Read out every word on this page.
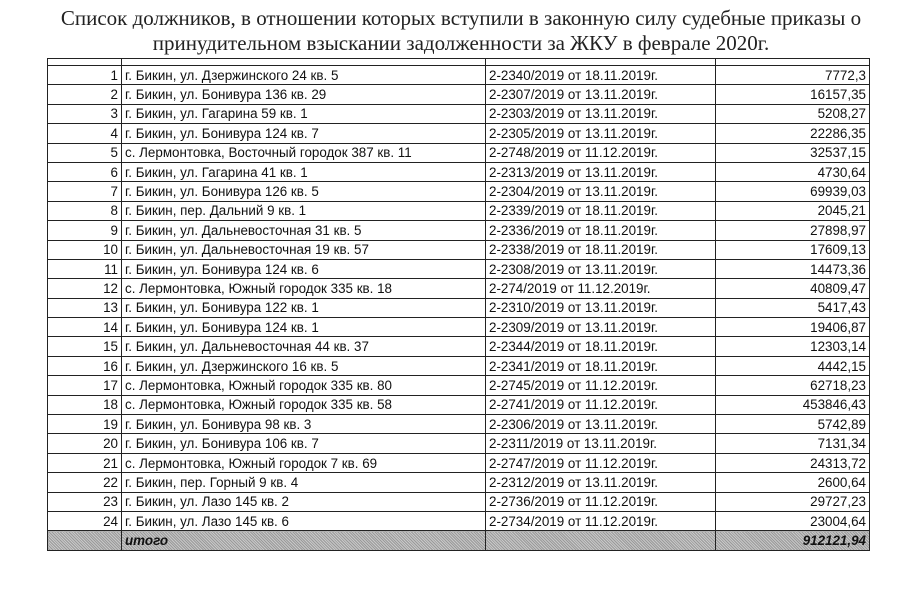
Список должников, в отношении которых вступили в законную силу судебные приказы о
принудительном взыскании задолженности за ЖКУ в феврале 2020г.

1	г. Бикин, ул. Дзержинского 24 кв. 5	2-2340/2019 от 18.11.2019г.	7772,3
2	г. Бикин, ул. Бонивура 136 кв. 29	2-2307/2019 от 13.11.2019г.	16157,35
3	г. Бикин, ул. Гагарина 59 кв. 1	2-2303/2019 от 13.11.2019г.	5208,27
4	г. Бикин, ул. Бонивура 124 кв. 7	2-2305/2019 от 13.11.2019г.	22286,35
5	с. Лермонтовка, Восточный городок 387 кв. 11	2-2748/2019 от 11.12.2019г.	32537,15
6	г. Бикин, ул. Гагарина 41 кв. 1	2-2313/2019 от 13.11.2019г.	4730,64
7	г. Бикин, ул. Бонивура 126 кв. 5	2-2304/2019 от 13.11.2019г.	69939,03
8	г. Бикин, пер. Дальний 9 кв. 1	2-2339/2019 от 18.11.2019г.	2045,21
9	г. Бикин, ул. Дальневосточная 31 кв. 5	2-2336/2019 от 18.11.2019г.	27898,97
10	г. Бикин, ул. Дальневосточная 19 кв. 57	2-2338/2019 от 18.11.2019г.	17609,13
11	г. Бикин, ул. Бонивура 124 кв. 6	2-2308/2019 от 13.11.2019г.	14473,36
12	с. Лермонтовка, Южный городок 335 кв. 18	2-274/2019 от 11.12.2019г.	40809,47
13	г. Бикин, ул. Бонивура 122 кв. 1	2-2310/2019 от 13.11.2019г.	5417,43
14	г. Бикин, ул. Бонивура 124 кв. 1	2-2309/2019 от 13.11.2019г.	19406,87
15	г. Бикин, ул. Дальневосточная 44 кв. 37	2-2344/2019 от 18.11.2019г.	12303,14
16	г. Бикин, ул. Дзержинского 16 кв. 5	2-2341/2019 от 18.11.2019г.	4442,15
17	с. Лермонтовка, Южный городок 335 кв. 80	2-2745/2019 от 11.12.2019г.	62718,23
18	с. Лермонтовка, Южный городок 335 кв. 58	2-2741/2019 от 11.12.2019г.	453846,43
19	г. Бикин, ул. Бонивура 98 кв. 3	2-2306/2019 от 13.11.2019г.	5742,89
20	г. Бикин, ул. Бонивура 106 кв. 7	2-2311/2019 от 13.11.2019г.	7131,34
21	с. Лермонтовка, Южный городок 7 кв. 69	2-2747/2019 от 11.12.2019г.	24313,72
22	г. Бикин, пер. Горный 9 кв. 4	2-2312/2019 от 13.11.2019г.	2600,64
23	г. Бикин, ул. Лазо 145 кв. 2	2-2736/2019 от 11.12.2019г.	29727,23
24	г. Бикин, ул. Лазо 145 кв. 6	2-2734/2019 от 11.12.2019г.	23004,64
	итого		912121,94
